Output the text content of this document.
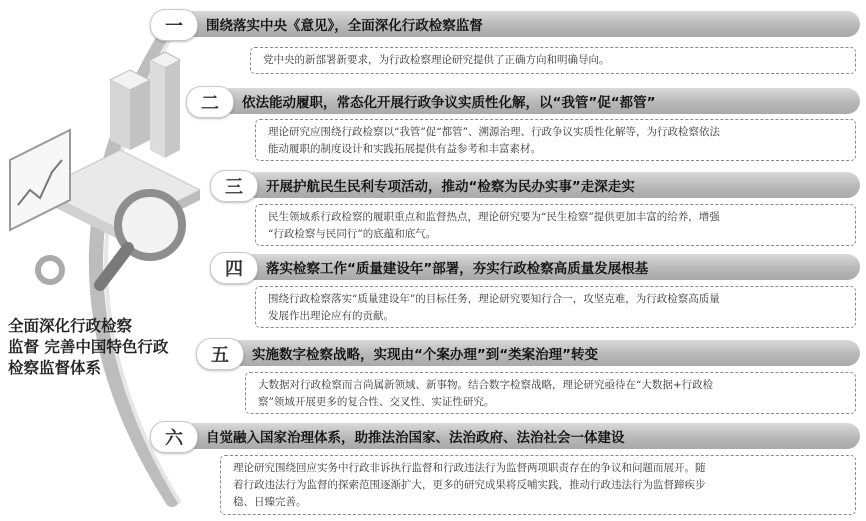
全面深化行政检察
监督 完善中国特色行政
检察监督体系
一	围绕落实中央《意见》，全面深化行政检察监督
党中央的新部署新要求，为行政检察理论研究提供了正确方向和明确导向。
二	依法能动履职，常态化开展行政争议实质性化解，以“我管”促“都管”
理论研究应围绕行政检察以“我管”促“都管”、溯源治理、行政争议实质性化解等，为行政检察依法
能动履职的制度设计和实践拓展提供有益参考和丰富素材。
三	开展护航民生民利专项活动，推动“检察为民办实事”走深走实
民生领域系行政检察的履职重点和监督热点，理论研究要为“民生检察”提供更加丰富的给养，增强
“行政检察与民同行”的底蕴和底气。
四	落实检察工作“质量建设年”部署，夯实行政检察高质量发展根基
围绕行政检察落实“质量建设年”的目标任务，理论研究要知行合一，攻坚克难，为行政检察高质量
发展作出理论应有的贡献。
五	实施数字检察战略，实现由“个案办理”到“类案治理”转变
大数据对行政检察而言尚属新领域、新事物。结合数字检察战略，理论研究亟待在“大数据+行政检
察”领域开展更多的复合性、交叉性、实证性研究。
六	自觉融入国家治理体系，助推法治国家、法治政府、法治社会一体建设
理论研究围绕回应实务中行政非诉执行监督和行政违法行为监督两项职责存在的争议和问题而展开。随
着行政违法行为监督的探索范围逐渐扩大，更多的研究成果将反哺实践，推动行政违法行为监督蹄疾步
稳、日臻完善。
